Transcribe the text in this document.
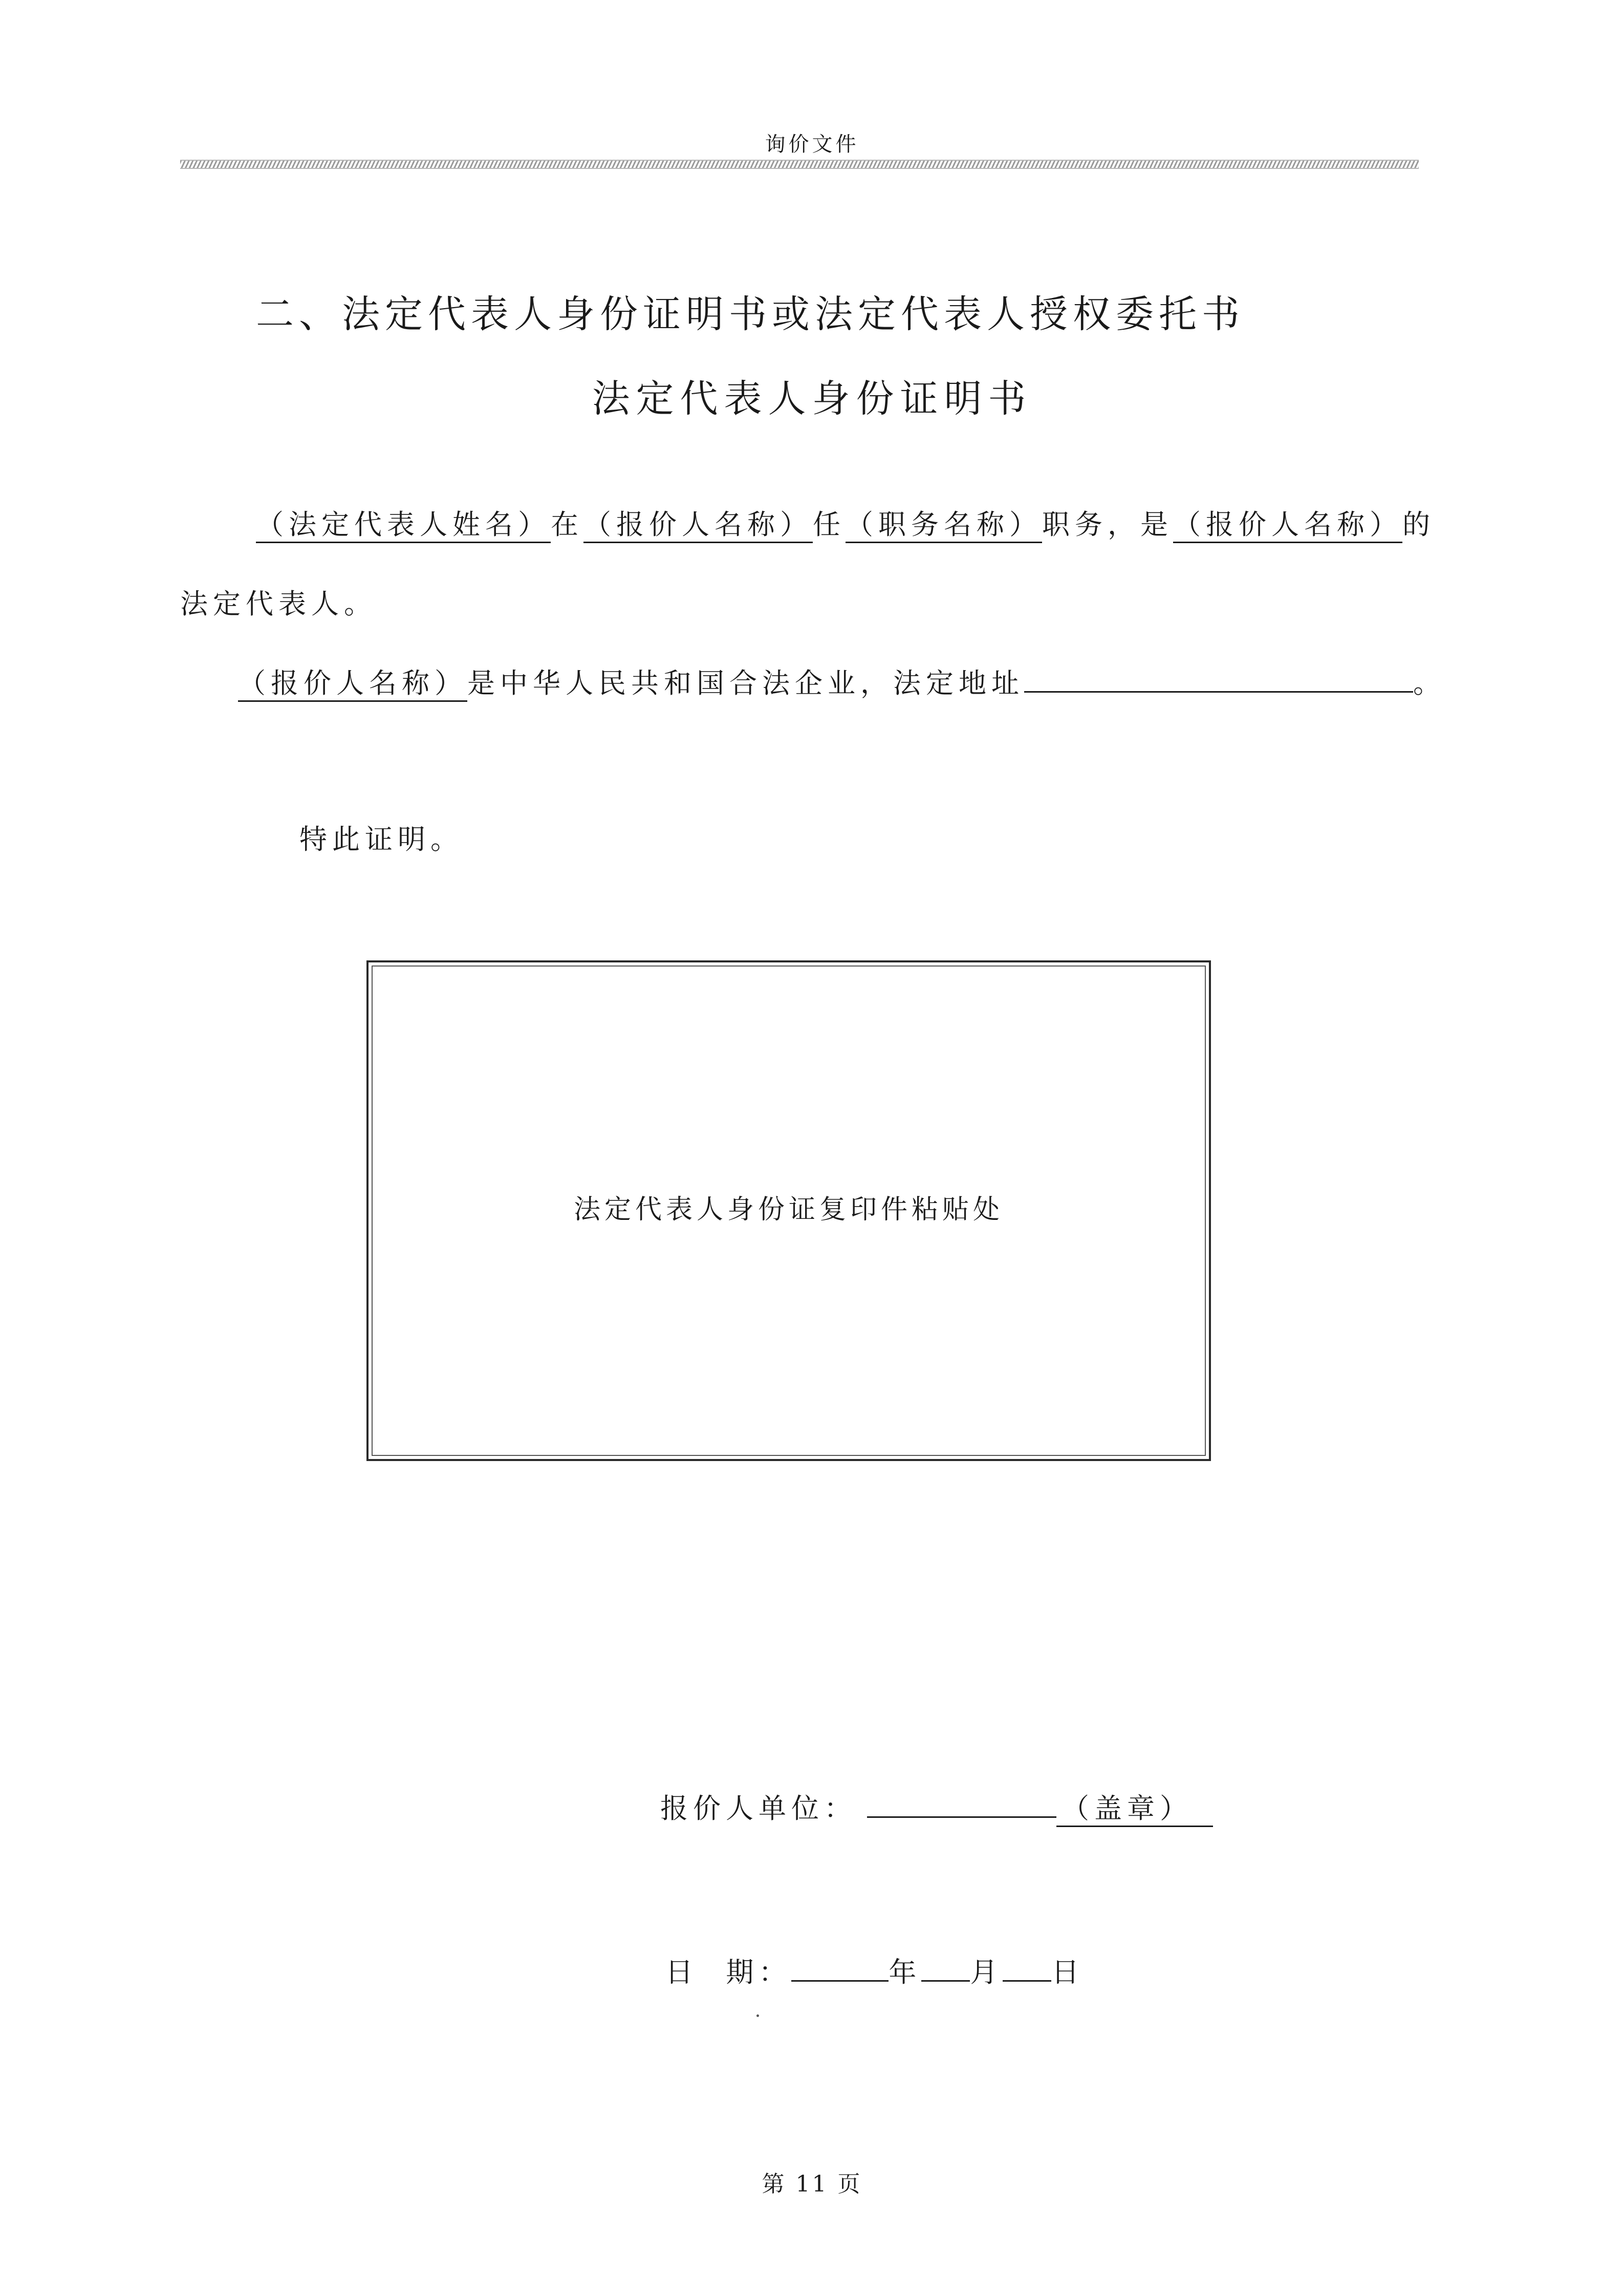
询价文件
二、法定代表人身份证明书或法定代表人授权委托书
法定代表人身份证明书
（法定代表人姓名）在（报价人名称）任（职务名称）职务，是（报价人名称）的
法定代表人。
（报价人名称）是中华人民共和国合法企业，法定地址	。
特此证明。
法定代表人身份证复印件粘贴处
报价人单位：	（盖章）
日  期：	年 月 日
第 11 页
